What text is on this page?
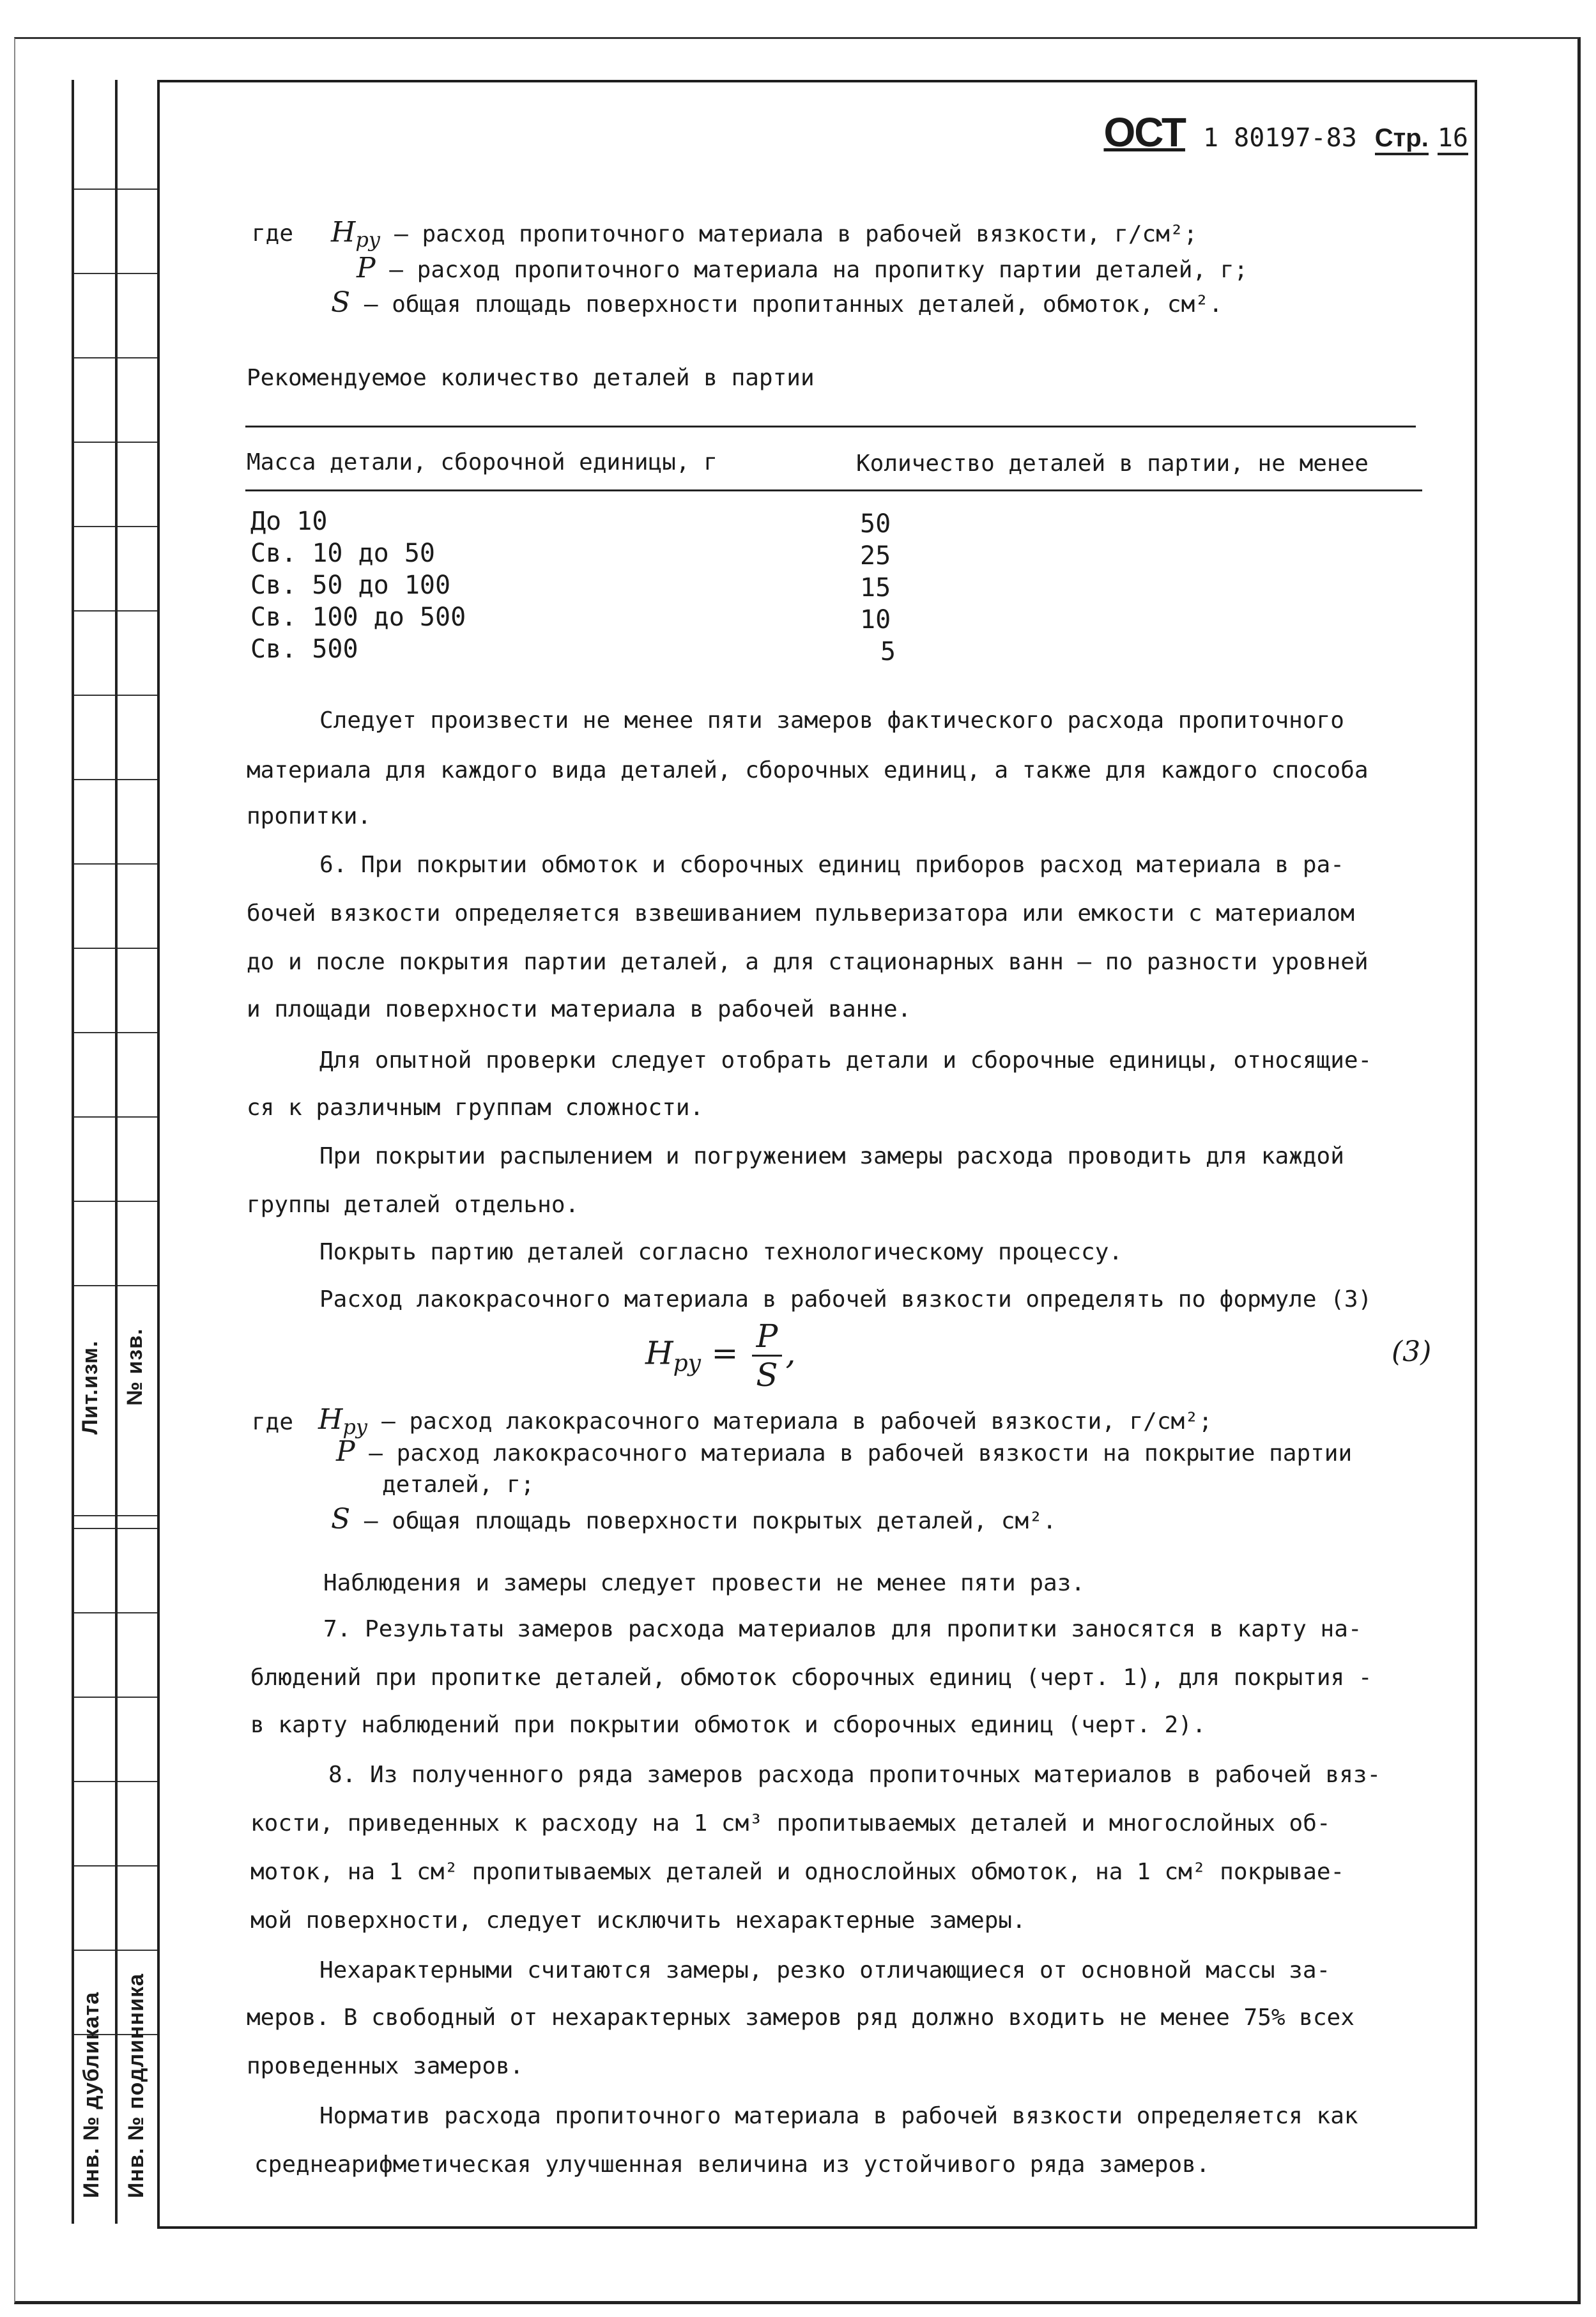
Лит.изм. № изв.
Инв. № дубликата Инв. № подлинника
ОСТ 1 80197-83 Стр. 16
где $Н_{ру}$ – расход пропиточного материала в рабочей вязкости, г/см²;
P – расход пропиточного материала на пропитку партии деталей, г;
S – общая площадь поверхности пропитанных деталей, обмоток, см².
Рекомендуемое количество деталей в партии
Масса детали, сборочной единицы, г	Количество деталей в партии, не менее
До 10	50
Св. 10 до 50	25
Св. 50 до 100	15
Св. 100 до 500	10
Св. 500	5
Следует произвести не менее пяти замеров фактического расхода пропиточного
материала для каждого вида деталей, сборочных единиц, а также для каждого способа
пропитки.
6. При покрытии обмоток и сборочных единиц приборов расход материала в ра-
бочей вязкости определяется взвешиванием пульверизатора или емкости с материалом
до и после покрытия партии деталей, а для стационарных ванн – по разности уровней
и площади поверхности материала в рабочей ванне.
Для опытной проверки следует отобрать детали и сборочные единицы, относящие-
ся к различным группам сложности.
При покрытии распылением и погружением замеры расхода проводить для каждой
группы деталей отдельно.
Покрыть партию деталей согласно технологическому процессу.
Расход лакокрасочного материала в рабочей вязкости определять по формуле (3)
$Н_{ру} = \frac{P}{S}$ ,	(3)
где $Н_{ру}$ – расход лакокрасочного материала в рабочей вязкости, г/см²;
P – расход лакокрасочного материала в рабочей вязкости на покрытие партии
деталей, г;
S – общая площадь поверхности покрытых деталей, см².
Наблюдения и замеры следует провести не менее пяти раз.
7. Результаты замеров расхода материалов для пропитки заносятся в карту на-
блюдений при пропитке деталей, обмоток сборочных единиц (черт. 1), для покрытия -
в карту наблюдений при покрытии обмоток и сборочных единиц (черт. 2).
8. Из полученного ряда замеров расхода пропиточных материалов в рабочей вяз-
кости, приведенных к расходу на 1 см³ пропитываемых деталей и многослойных об-
моток, на 1 см² пропитываемых деталей и однослойных обмоток, на 1 см² покрывае-
мой поверхности, следует исключить нехарактерные замеры.
Нехарактерными считаются замеры, резко отличающиеся от основной массы за-
меров. В свободный от нехарактерных замеров ряд должно входить не менее 75% всех
проведенных замеров.
Норматив расхода пропиточного материала в рабочей вязкости определяется как
среднеарифметическая улучшенная величина из устойчивого ряда замеров.
